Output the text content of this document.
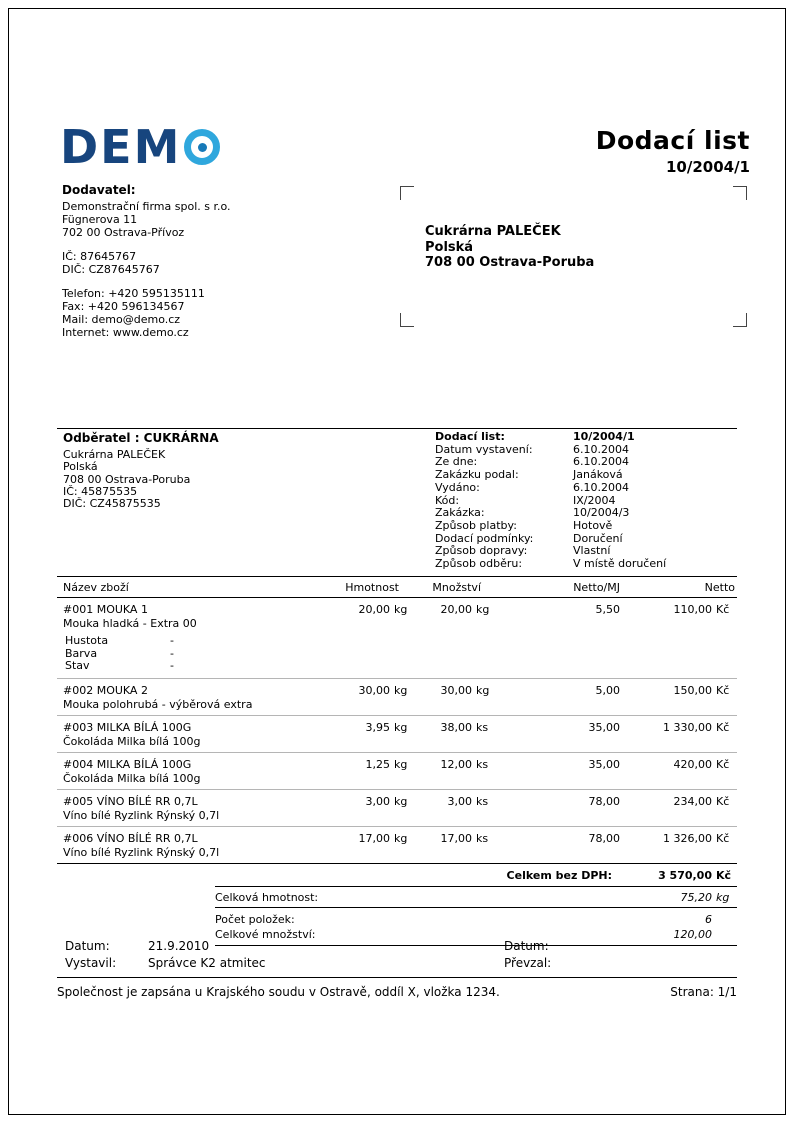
DEM	Dodací list
10/2004/1
Dodavatel:
Demonstrační firma spol. s r.o.
Fügnerova 11
702 00 Ostrava-Přívoz
IČ: 87645767
DIČ: CZ87645767
Telefon: +420 595135111
Fax: +420 596134567
Mail: demo@demo.cz
Internet: www.demo.cz
Cukrárna PALEČEK
Polská
708 00 Ostrava-Poruba
Odběratel : CUKRÁRNA
Cukrárna PALEČEK
Polská
708 00 Ostrava-Poruba
IČ: 45875535
DIČ: CZ45875535
Dodací list:	10/2004/1
Datum vystavení:	6.10.2004
Ze dne:	6.10.2004
Zakázku podal:	Janáková
Vydáno:	6.10.2004
Kód:	IX/2004
Zakázka:	10/2004/3
Způsob platby:	Hotově
Dodací podmínky:	Doručení
Způsob dopravy:	Vlastní
Způsob odběru:	V místě doručení
Název zboží	Hmotnost	Množství	Netto/MJ	Netto
#001 MOUKA 1	20,00 kg	20,00 kg	5,50	110,00 Kč
Mouka hladká - Extra 00
Hustota	-
Barva	-
Stav	-
#002 MOUKA 2	30,00 kg	30,00 kg	5,00	150,00 Kč
Mouka polohrubá - výběrová extra
#003 MILKA BÍLÁ 100G	3,95 kg	38,00 ks	35,00	1 330,00 Kč
Čokoláda Milka bílá 100g
#004 MILKA BÍLÁ 100G	1,25 kg	12,00 ks	35,00	420,00 Kč
Čokoláda Milka bílá 100g
#005 VÍNO BÍLÉ RR 0,7L	3,00 kg	3,00 ks	78,00	234,00 Kč
Víno bílé Ryzlink Rýnský 0,7l
#006 VÍNO BÍLÉ RR 0,7L	17,00 kg	17,00 ks	78,00	1 326,00 Kč
Víno bílé Ryzlink Rýnský 0,7l
Celkem bez DPH:	3 570,00 Kč
Celková hmotnost:	75,20 kg
Počet položek:	6
Celkové množství:	120,00
Datum:	21.9.2010	Datum:
Vystavil:	Správce K2 atmitec	Převzal:
Společnost je zapsána u Krajského soudu v Ostravě, oddíl X, vložka 1234.	Strana: 1/1
